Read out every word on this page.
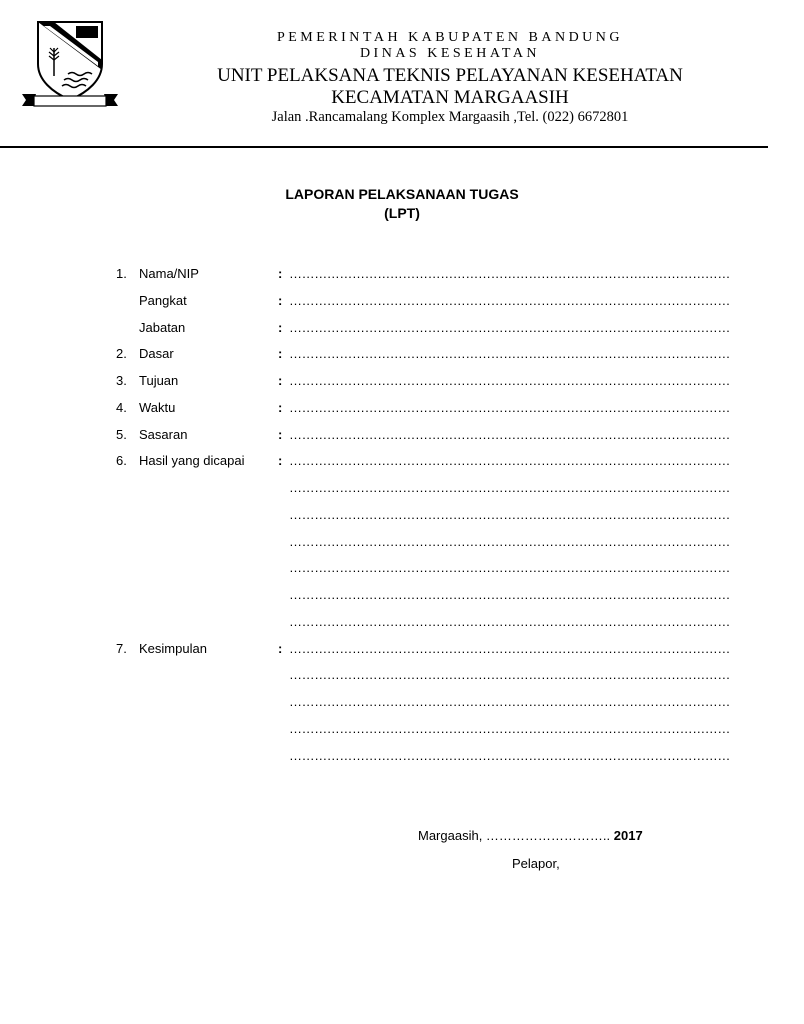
PEMERINTAH KABUPATEN BANDUNG
DINAS KESEHATAN
UNIT PELAKSANA TEKNIS PELAYANAN KESEHATAN
KECAMATAN MARGAASIH
Jalan .Rancamalang Komplex Margaasih ,Tel. (022) 6672801
LAPORAN PELAKSANAAN TUGAS
(LPT)
1. Nama/NIP	: ……………………………………………………………………………………………
Pangkat	: ……………………………………………………………………………………………
Jabatan	: ……………………………………………………………………………………………
2. Dasar	: ……………………………………………………………………………………………
3. Tujuan	: ……………………………………………………………………………………………
4. Waktu	: ……………………………………………………………………………………………
5. Sasaran	: ……………………………………………………………………………………………
6. Hasil yang dicapai	: ……………………………………………………………………………………………
……………………………………………………………………………………………
……………………………………………………………………………………………
……………………………………………………………………………………………
……………………………………………………………………………………………
……………………………………………………………………………………………
……………………………………………………………………………………………
7. Kesimpulan	: ……………………………………………………………………………………………
……………………………………………………………………………………………
……………………………………………………………………………………………
……………………………………………………………………………………………
……………………………………………………………………………………………
Margaasih, ……………………….. 2017
Pelapor,
